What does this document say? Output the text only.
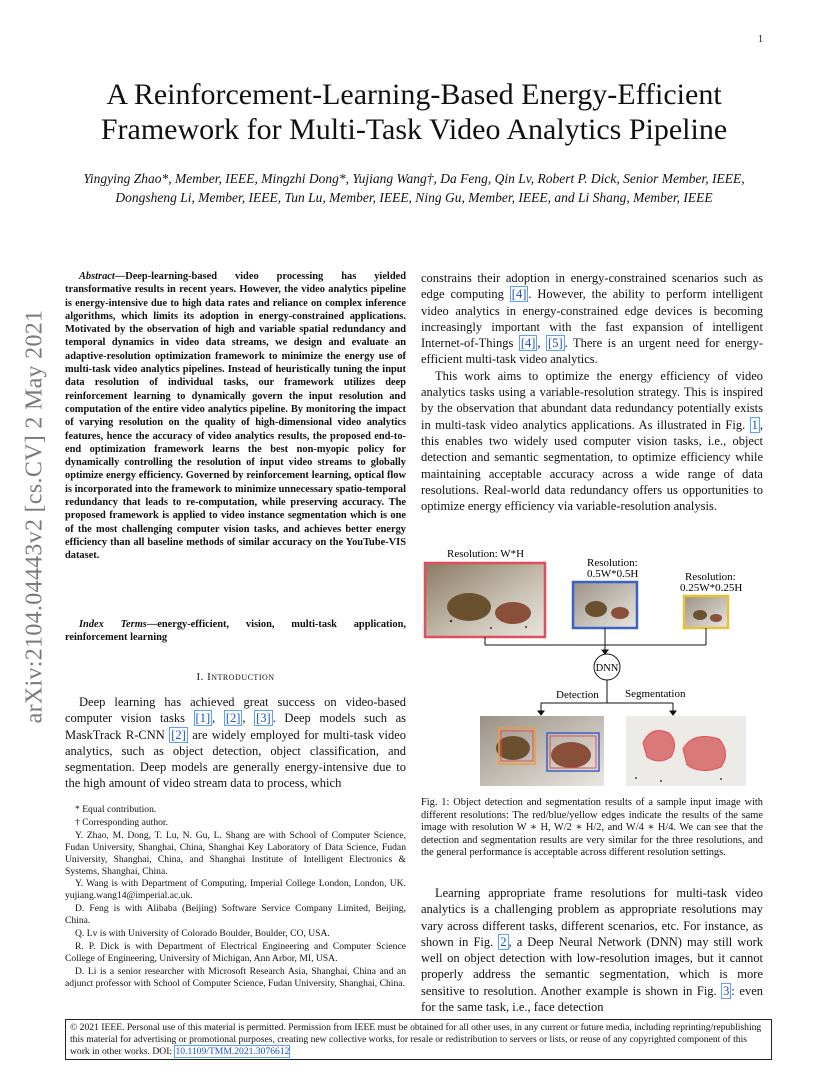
1
A Reinforcement-Learning-Based Energy-Efficient Framework for Multi-Task Video Analytics Pipeline
Yingying Zhao*, Member, IEEE, Mingzhi Dong*, Yujiang Wang†, Da Feng, Qin Lv, Robert P. Dick, Senior Member, IEEE, Dongsheng Li, Member, IEEE, Tun Lu, Member, IEEE, Ning Gu, Member, IEEE, and Li Shang, Member, IEEE
arXiv:2104.04443v2 [cs.CV] 2 May 2021
Abstract—Deep-learning-based video processing has yielded transformative results in recent years. However, the video analytics pipeline is energy-intensive due to high data rates and reliance on complex inference algorithms, which limits its adoption in energy-constrained applications. Motivated by the observation of high and variable spatial redundancy and temporal dynamics in video data streams, we design and evaluate an adaptive-resolution optimization framework to minimize the energy use of multi-task video analytics pipelines. Instead of heuristically tuning the input data resolution of individual tasks, our framework utilizes deep reinforcement learning to dynamically govern the input resolution and computation of the entire video analytics pipeline. By monitoring the impact of varying resolution on the quality of high-dimensional video analytics features, hence the accuracy of video analytics results, the proposed end-to-end optimization framework learns the best non-myopic policy for dynamically controlling the resolution of input video streams to globally optimize energy efficiency. Governed by reinforcement learning, optical flow is incorporated into the framework to minimize unnecessary spatio-temporal redundancy that leads to re-computation, while preserving accuracy. The proposed framework is applied to video instance segmentation which is one of the most challenging computer vision tasks, and achieves better energy efficiency than all baseline methods of similar accuracy on the YouTube-VIS dataset.
Index Terms—energy-efficient, vision, multi-task application, reinforcement learning
I. Introduction

Deep learning has achieved great success on video-based computer vision tasks [1] , [2] , [3] . Deep models such as MaskTrack R-CNN [2] are widely employed for multi-task video analytics, such as object detection, object classification, and segmentation. Deep models are generally energy-intensive due to the high amount of video stream data to process, which

* Equal contribution.

† Corresponding author.

Y. Zhao, M. Dong, T. Lu, N. Gu, L. Shang are with School of Computer Science, Fudan University, Shanghai, China, Shanghai Key Laboratory of Data Science, Fudan University, Shanghai, China, and Shanghai Institute of Intelligent Electronics & Systems, Shanghai, China.

Y. Wang is with Department of Computing, Imperial College London, London, UK. yujiang.wang14@imperial.ac.uk.

D. Feng is with Alibaba (Beijing) Software Service Company Limited, Beijing, China.

Q. Lv is with University of Colorado Boulder, Boulder, CO, USA.

R. P. Dick is with Department of Electrical Engineering and Computer Science College of Engineering, University of Michigan, Ann Arbor, MI, USA.

D. Li is a senior researcher with Microsoft Research Asia, Shanghai, China and an adjunct professor with School of Computer Science, Fudan University, Shanghai, China.

constrains their adoption in energy-constrained scenarios such as edge computing [4] . However, the ability to perform intelligent video analytics in energy-constrained edge devices is becoming increasingly important with the fast expansion of intelligent Internet-of-Things [4] , [5] . There is an urgent need for energy-efficient multi-task video analytics.

This work aims to optimize the energy efficiency of video analytics tasks using a variable-resolution strategy. This is inspired by the observation that abundant data redundancy potentially exists in multi-task video analytics applications. As illustrated in Fig. 1 , this enables two widely used computer vision tasks, i.e., object detection and semantic segmentation, to optimize efficiency while maintaining acceptable accuracy across a wide range of data resolutions. Real-world data redundancy offers us opportunities to optimize energy efficiency via variable-resolution analysis.

Resolution: W*H
Resolution:
0.5W*0.5H	Resolution:
0.25W*0.25H
DNN
Detection Segmentation
Fig. 1: Object detection and segmentation results of a sample input image with different resolutions: The red/blue/yellow edges indicate the results of the same image with resolution W ∗ H, W/2 ∗ H/2, and W/4 ∗ H/4. We can see that the detection and segmentation results are very similar for the three resolutions, and the general performance is acceptable across different resolution settings.

Learning appropriate frame resolutions for multi-task video analytics is a challenging problem as appropriate resolutions may vary across different tasks, different scenarios, etc. For instance, as shown in Fig. 2 , a Deep Neural Network (DNN) may still work well on object detection with low-resolution images, but it cannot properly address the semantic segmentation, which is more sensitive to resolution. Another example is shown in Fig. 3 : even for the same task, i.e., face detection

© 2021 IEEE. Personal use of this material is permitted. Permission from IEEE must be obtained for all other uses, in any current or future media, including reprinting/republishing this material for advertising or promotional purposes, creating new collective works, for resale or redistribution to servers or lists, or reuse of any copyrighted component of this work in other works. DOI: 10.1109/TMM.2021.3076612
